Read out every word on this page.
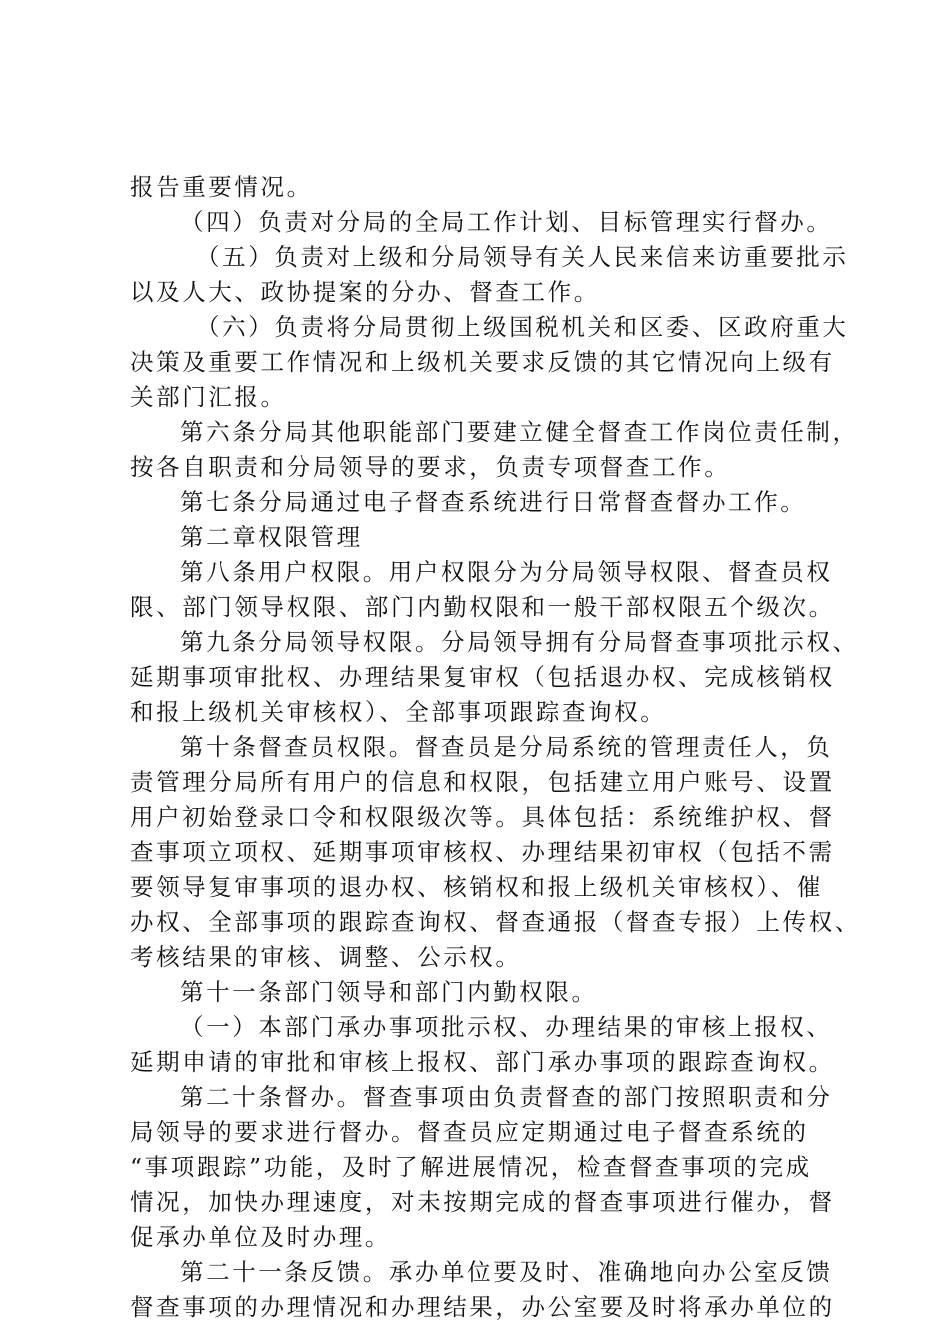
报告重要情况。
（四）负责对分局的全局工作计划、目标管理实行督办。
（五）负责对上级和分局领导有关人民来信来访重要批示
以及人大、政协提案的分办、督查工作。
（六）负责将分局贯彻上级国税机关和区委、区政府重大
决策及重要工作情况和上级机关要求反馈的其它情况向上级有
关部门汇报。
第六条分局其他职能部门要建立健全督查工作岗位责任制，
按各自职责和分局领导的要求，负责专项督查工作。
第七条分局通过电子督查系统进行日常督查督办工作。
第二章权限管理
第八条用户权限。用户权限分为分局领导权限、督查员权
限、部门领导权限、部门内勤权限和一般干部权限五个级次。
第九条分局领导权限。分局领导拥有分局督查事项批示权、
延期事项审批权、办理结果复审权（包括退办权、完成核销权
和报上级机关审核权）、全部事项跟踪查询权。
第十条督查员权限。督查员是分局系统的管理责任人，负
责管理分局所有用户的信息和权限，包括建立用户账号、设置
用户初始登录口令和权限级次等。具体包括：系统维护权、督
查事项立项权、延期事项审核权、办理结果初审权（包括不需
要领导复审事项的退办权、核销权和报上级机关审核权）、催
办权、全部事项的跟踪查询权、督查通报（督查专报）上传权、
考核结果的审核、调整、公示权。
第十一条部门领导和部门内勤权限。
（一）本部门承办事项批示权、办理结果的审核上报权、
延期申请的审批和审核上报权、部门承办事项的跟踪查询权。
第二十条督办。督查事项由负责督查的部门按照职责和分
局领导的要求进行督办。督查员应定期通过电子督查系统的
“事项跟踪”功能，及时了解进展情况，检查督查事项的完成
情况，加快办理速度，对未按期完成的督查事项进行催办，督
促承办单位及时办理。
第二十一条反馈。承办单位要及时、准确地向办公室反馈
督查事项的办理情况和办理结果，办公室要及时将承办单位的
